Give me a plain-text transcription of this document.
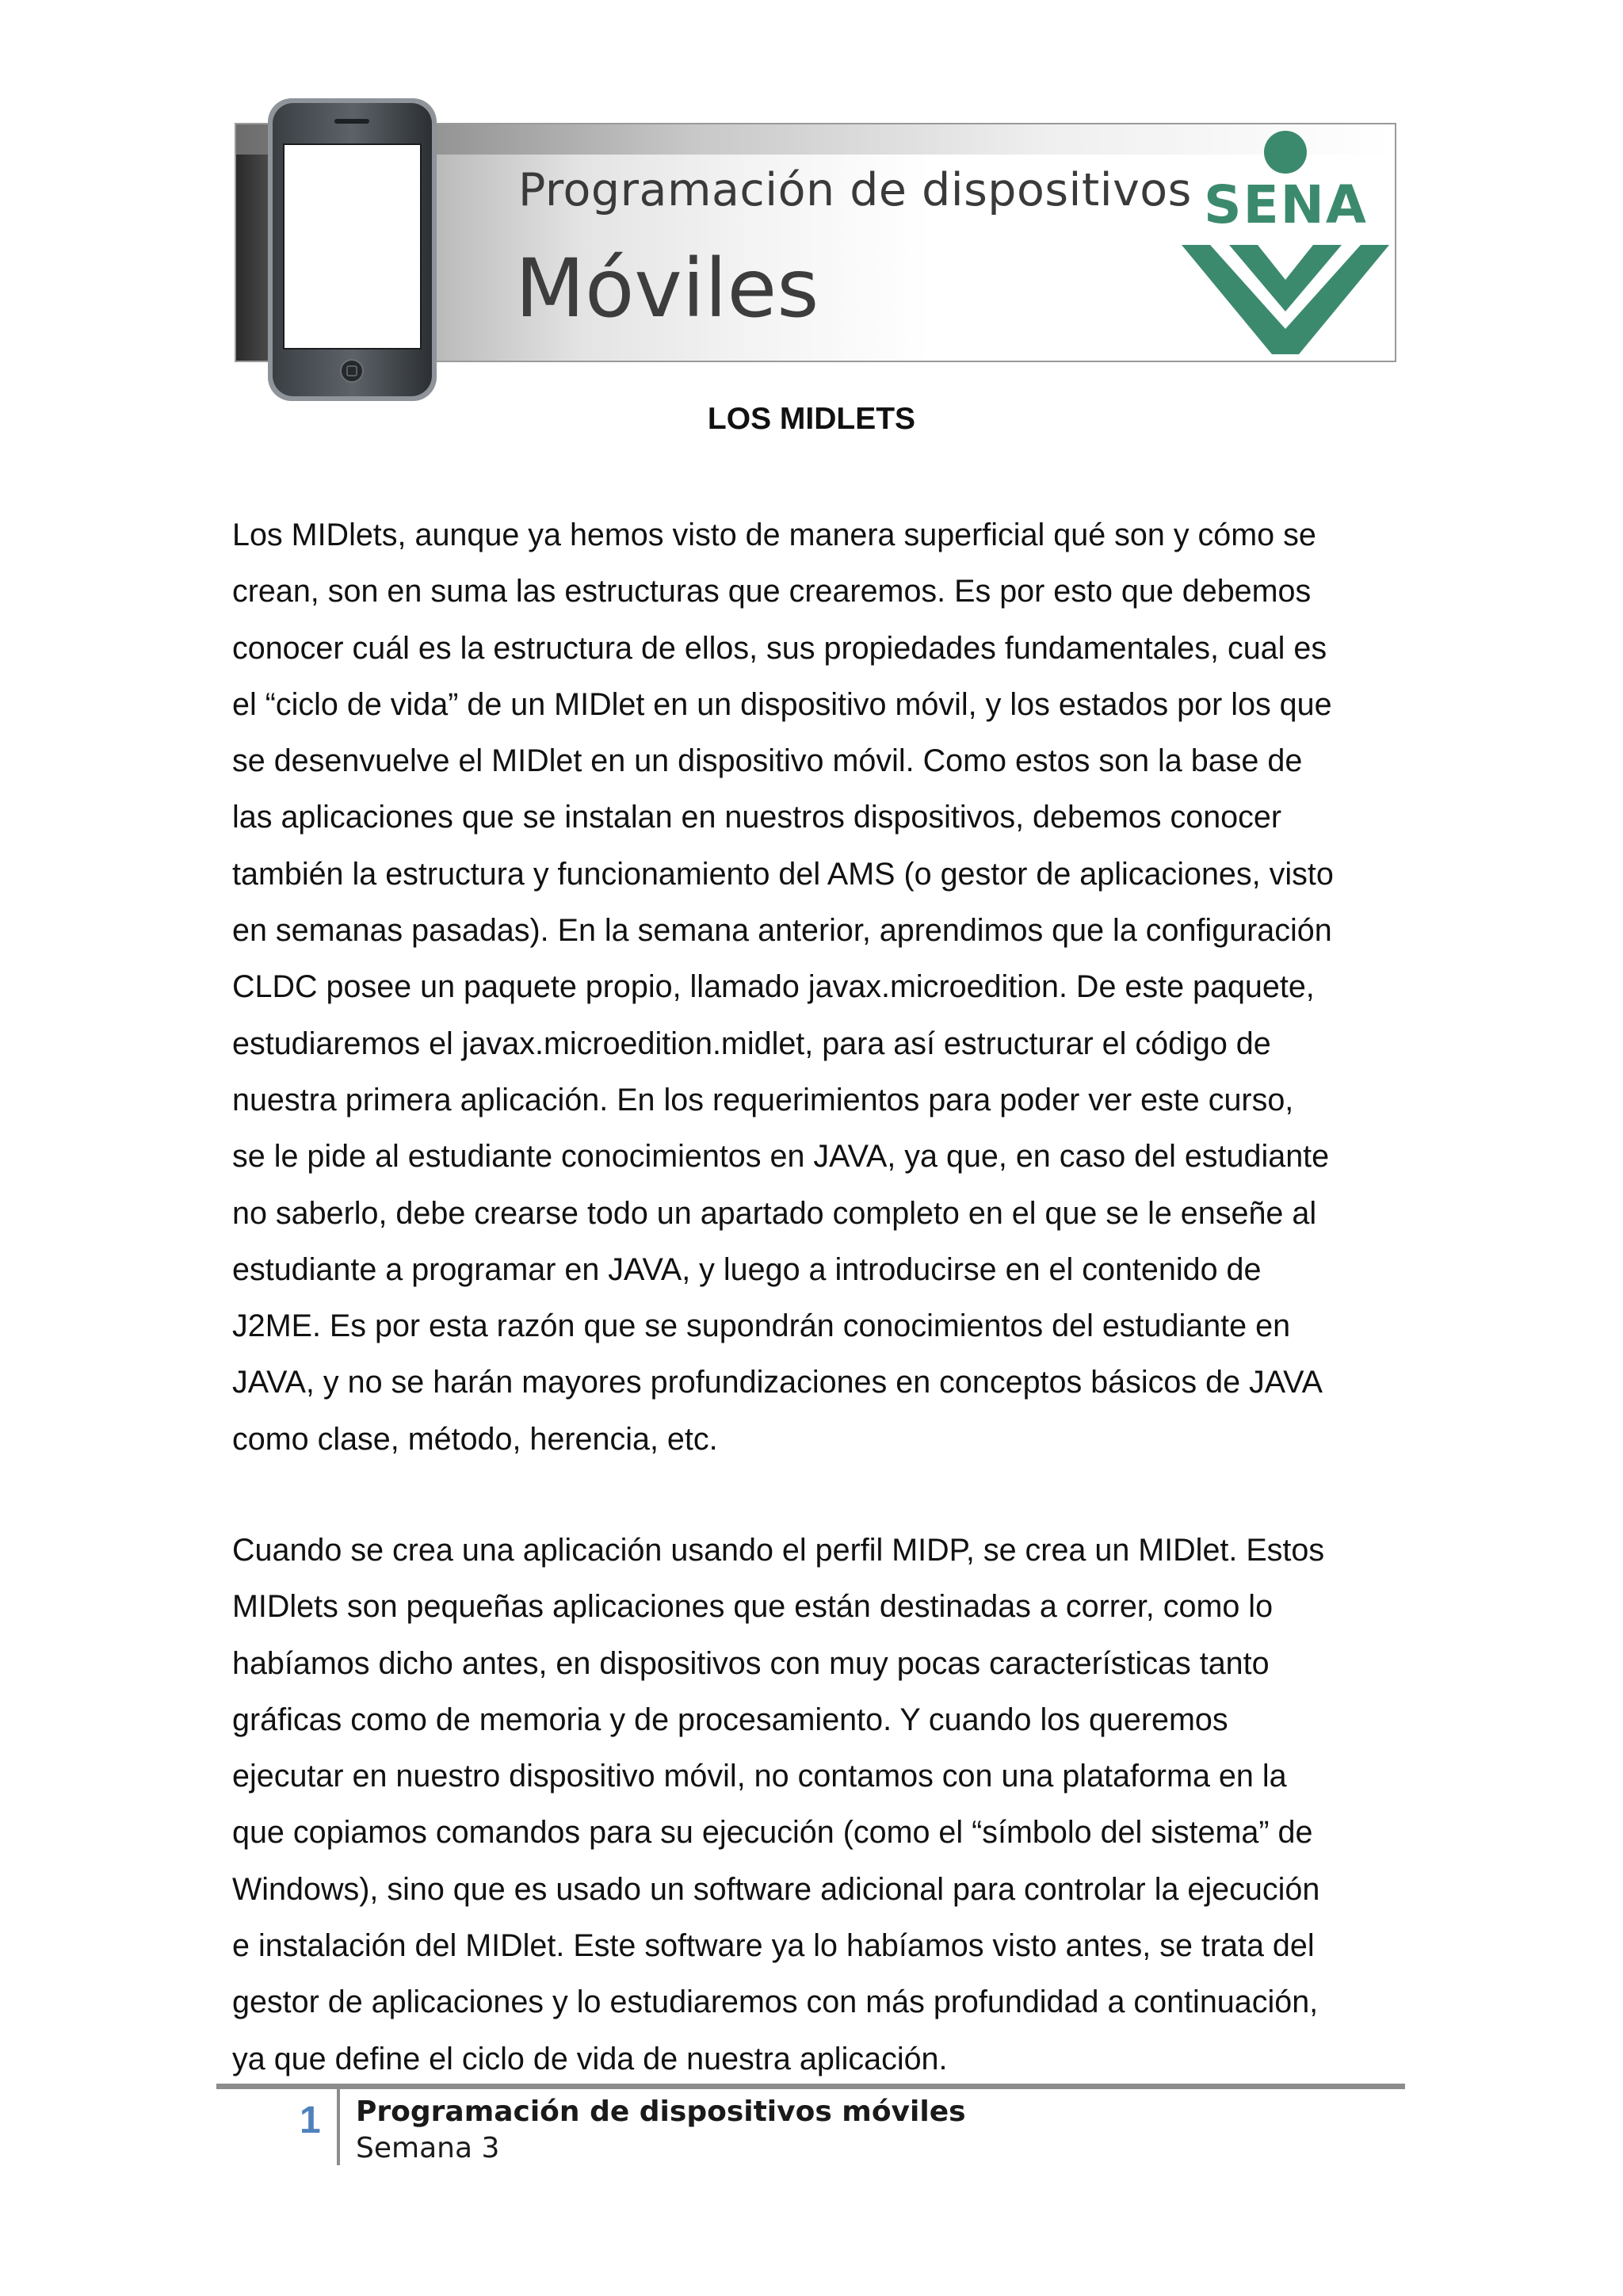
Programación de dispositivos
Móviles
SENA
LOS MIDLETS
Los MIDlets, aunque ya hemos visto de manera superficial qué son y cómo se
crean, son en suma las estructuras que crearemos. Es por esto que debemos
conocer cuál es la estructura de ellos, sus propiedades fundamentales, cual es
el “ciclo de vida” de un MIDlet en un dispositivo móvil, y los estados por los que
se desenvuelve el MIDlet en un dispositivo móvil. Como estos son la base de
las aplicaciones que se instalan en nuestros dispositivos, debemos conocer
también la estructura y funcionamiento del AMS (o gestor de aplicaciones, visto
en semanas pasadas). En la semana anterior, aprendimos que la configuración
CLDC posee un paquete propio, llamado javax.microedition. De este paquete,
estudiaremos el javax.microedition.midlet, para así estructurar el código de
nuestra primera aplicación. En los requerimientos para poder ver este curso,
se le pide al estudiante conocimientos en JAVA, ya que, en caso del estudiante
no saberlo, debe crearse todo un apartado completo en el que se le enseñe al
estudiante a programar en JAVA, y luego a introducirse en el contenido de
J2ME. Es por esta razón que se supondrán conocimientos del estudiante en
JAVA, y no se harán mayores profundizaciones en conceptos básicos de JAVA
como clase, método, herencia, etc.
Cuando se crea una aplicación usando el perfil MIDP, se crea un MIDlet. Estos
MIDlets son pequeñas aplicaciones que están destinadas a correr, como lo
habíamos dicho antes, en dispositivos con muy pocas características tanto
gráficas como de memoria y de procesamiento. Y cuando los queremos
ejecutar en nuestro dispositivo móvil, no contamos con una plataforma en la
que copiamos comandos para su ejecución (como el “símbolo del sistema” de
Windows), sino que es usado un software adicional para controlar la ejecución
e instalación del MIDlet. Este software ya lo habíamos visto antes, se trata del
gestor de aplicaciones y lo estudiaremos con más profundidad a continuación,
ya que define el ciclo de vida de nuestra aplicación.
1 Programación de dispositivos móviles
Semana 3
